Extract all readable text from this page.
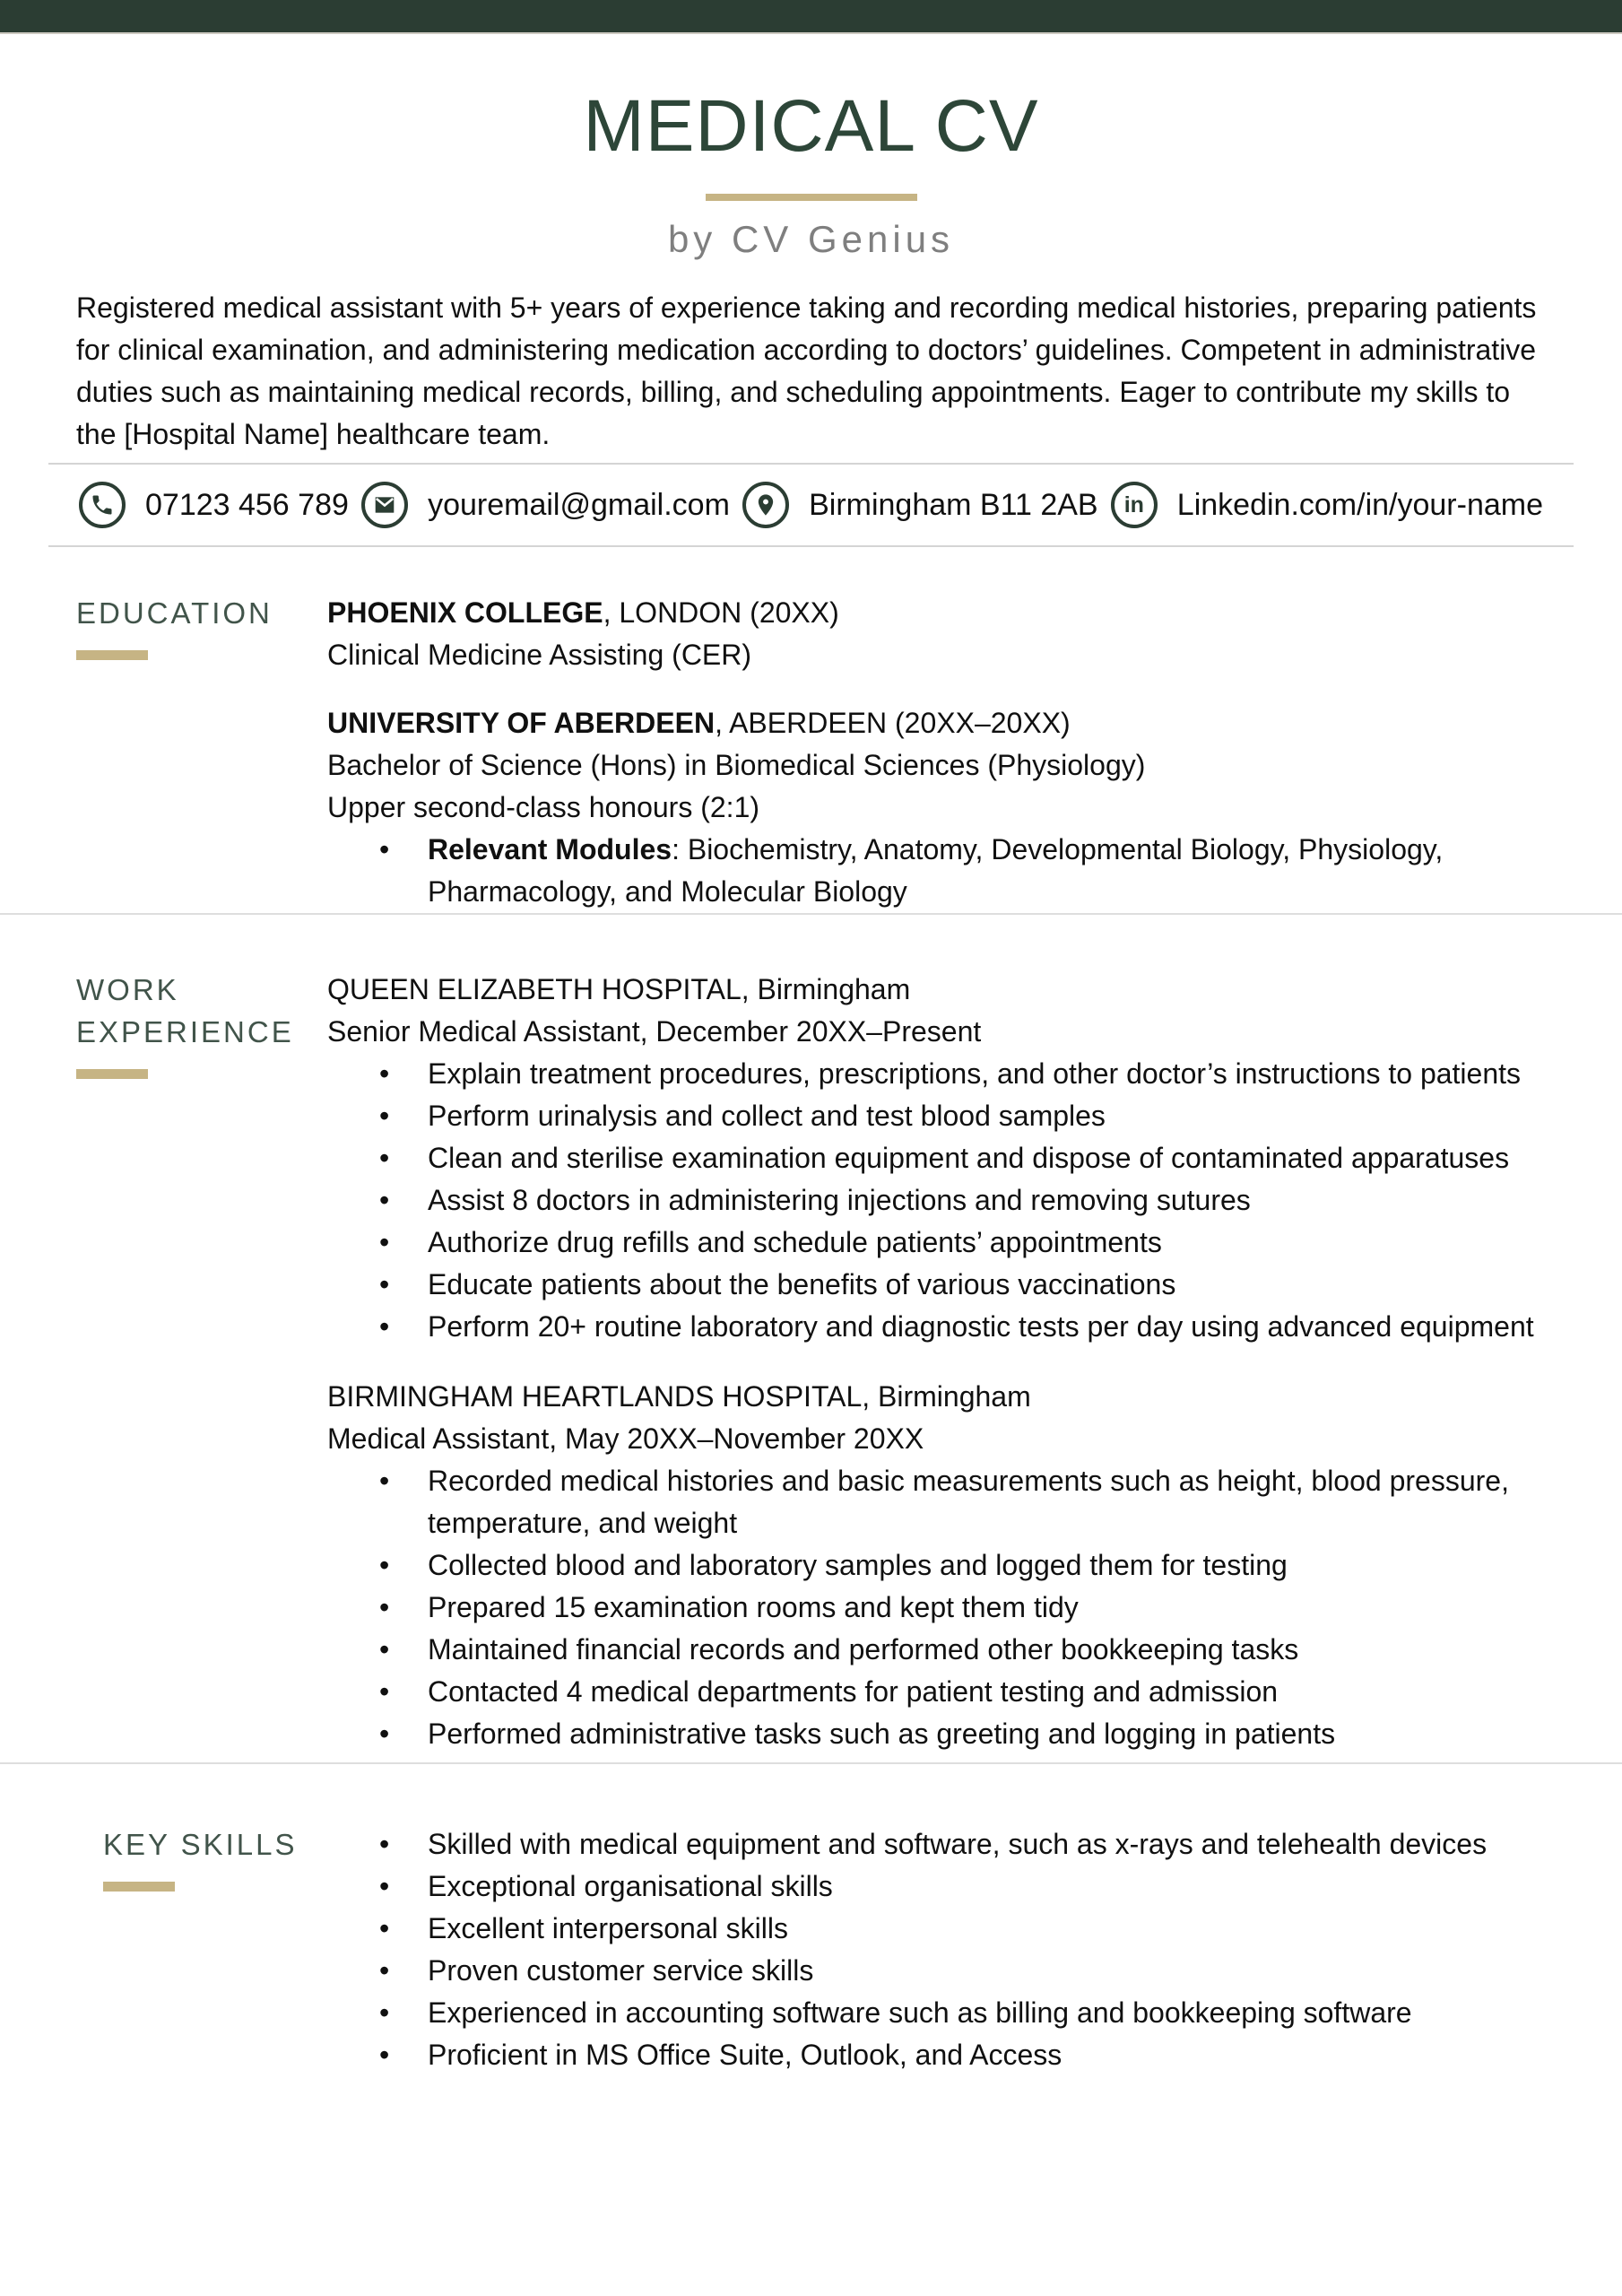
MEDICAL CV
by CV Genius

Registered medical assistant with 5+ years of experience taking and recording medical histories, preparing patients for clinical examination, and administering medication according to doctors’ guidelines. Competent in administrative duties such as maintaining medical records, billing, and scheduling appointments. Eager to contribute my skills to the [Hospital Name] healthcare team.

07123 456 789	youremail@gmail.com	Birmingham B11 2AB in Linkedin.com/in/your-name
EDUCATION	PHOENIX COLLEGE, LONDON (20XX)

Clinical Medicine Assisting (CER)

UNIVERSITY OF ABERDEEN, ABERDEEN (20XX–20XX)

Bachelor of Science (Hons) in Biomedical Sciences (Physiology)

Upper second-class honours (2:1)

• Relevant Modules: Biochemistry, Anatomy, Developmental Biology, Physiology, Pharmacology, and Molecular Biology
WORK
EXPERIENCE

QUEEN ELIZABETH HOSPITAL, Birmingham

Senior Medical Assistant, December 20XX–Present

• Explain treatment procedures, prescriptions, and other doctor’s instructions to patients
• Perform urinalysis and collect and test blood samples
• Clean and sterilise examination equipment and dispose of contaminated apparatuses
• Assist 8 doctors in administering injections and removing sutures
• Authorize drug refills and schedule patients’ appointments
• Educate patients about the benefits of various vaccinations
• Perform 20+ routine laboratory and diagnostic tests per day using advanced equipment

BIRMINGHAM HEARTLANDS HOSPITAL, Birmingham

Medical Assistant, May 20XX–November 20XX

• Recorded medical histories and basic measurements such as height, blood pressure, temperature, and weight
• Collected blood and laboratory samples and logged them for testing
• Prepared 15 examination rooms and kept them tidy
• Maintained financial records and performed other bookkeeping tasks
• Contacted 4 medical departments for patient testing and admission
• Performed administrative tasks such as greeting and logging in patients
KEY SKILLS	• Skilled with medical equipment and software, such as x-rays and telehealth devices
• Exceptional organisational skills
• Excellent interpersonal skills
• Proven customer service skills
• Experienced in accounting software such as billing and bookkeeping software
• Proficient in MS Office Suite, Outlook, and Access
